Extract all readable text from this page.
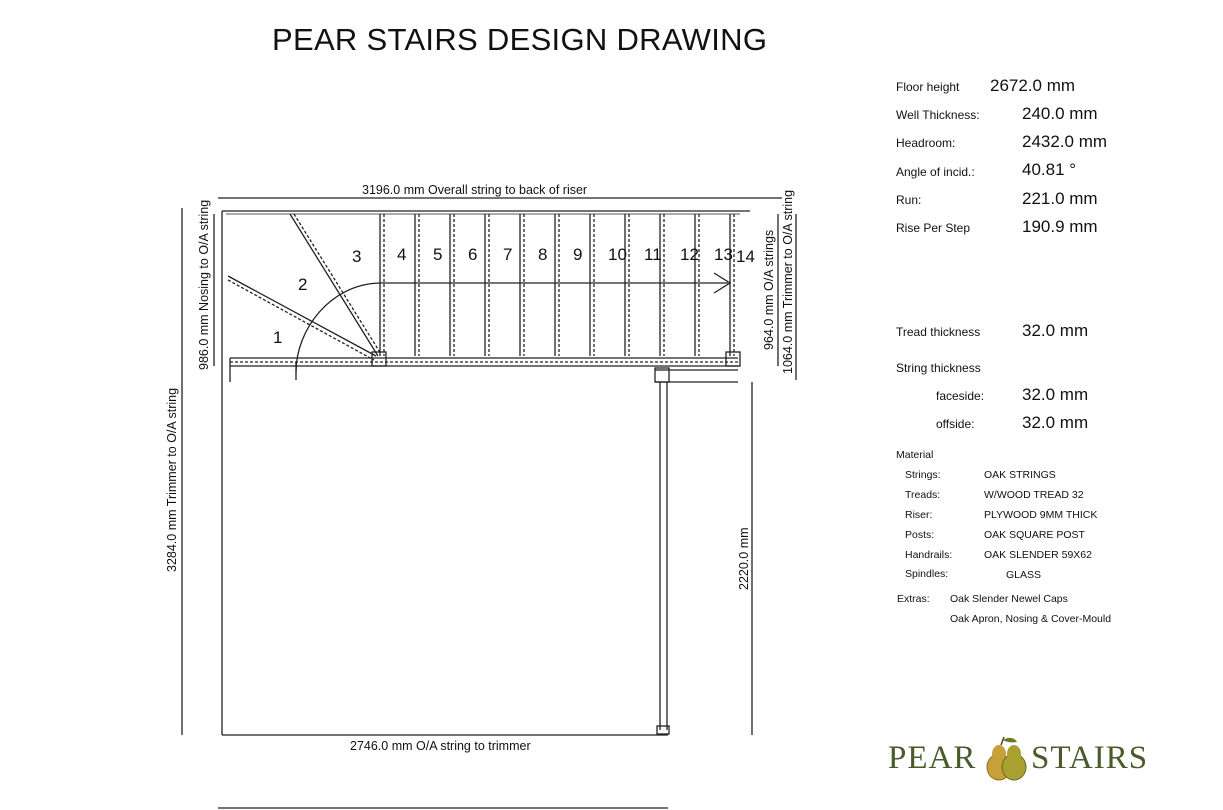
PEAR STAIRS DESIGN DRAWING
1
2
3 4 5 6 7 8 9 10 11 12 13 14
3196.0 mm Overall string to back of riser
2746.0 mm O/A string to trimmer
3284.0 mm Trimmer to O/A string
986.0 mm Nosing to O/A string	964.0 mm O/A strings 1064.0 mm Trimmer to O/A string
2220.0 mm
Floor height 2672.0 mm
Well Thickness: 240.0 mm
Headroom:	2432.0 mm
Angle of incid.:	40.81 °
Run:	221.0 mm
Rise Per Step	190.9 mm
Tread thickness 32.0 mm
String thickness
faceside: 32.0 mm
offside:	32.0 mm
Material
Strings:	OAK STRINGS
Treads:	W/WOOD TREAD 32
Riser:	PLYWOOD 9MM THICK
Posts:	OAK SQUARE POST
Handrails:	OAK SLENDER 59X62
Spindles:	GLASS
Extras: Oak Slender Newel Caps
Oak Apron, Nosing & Cover-Mould
PEAR STAIRS
